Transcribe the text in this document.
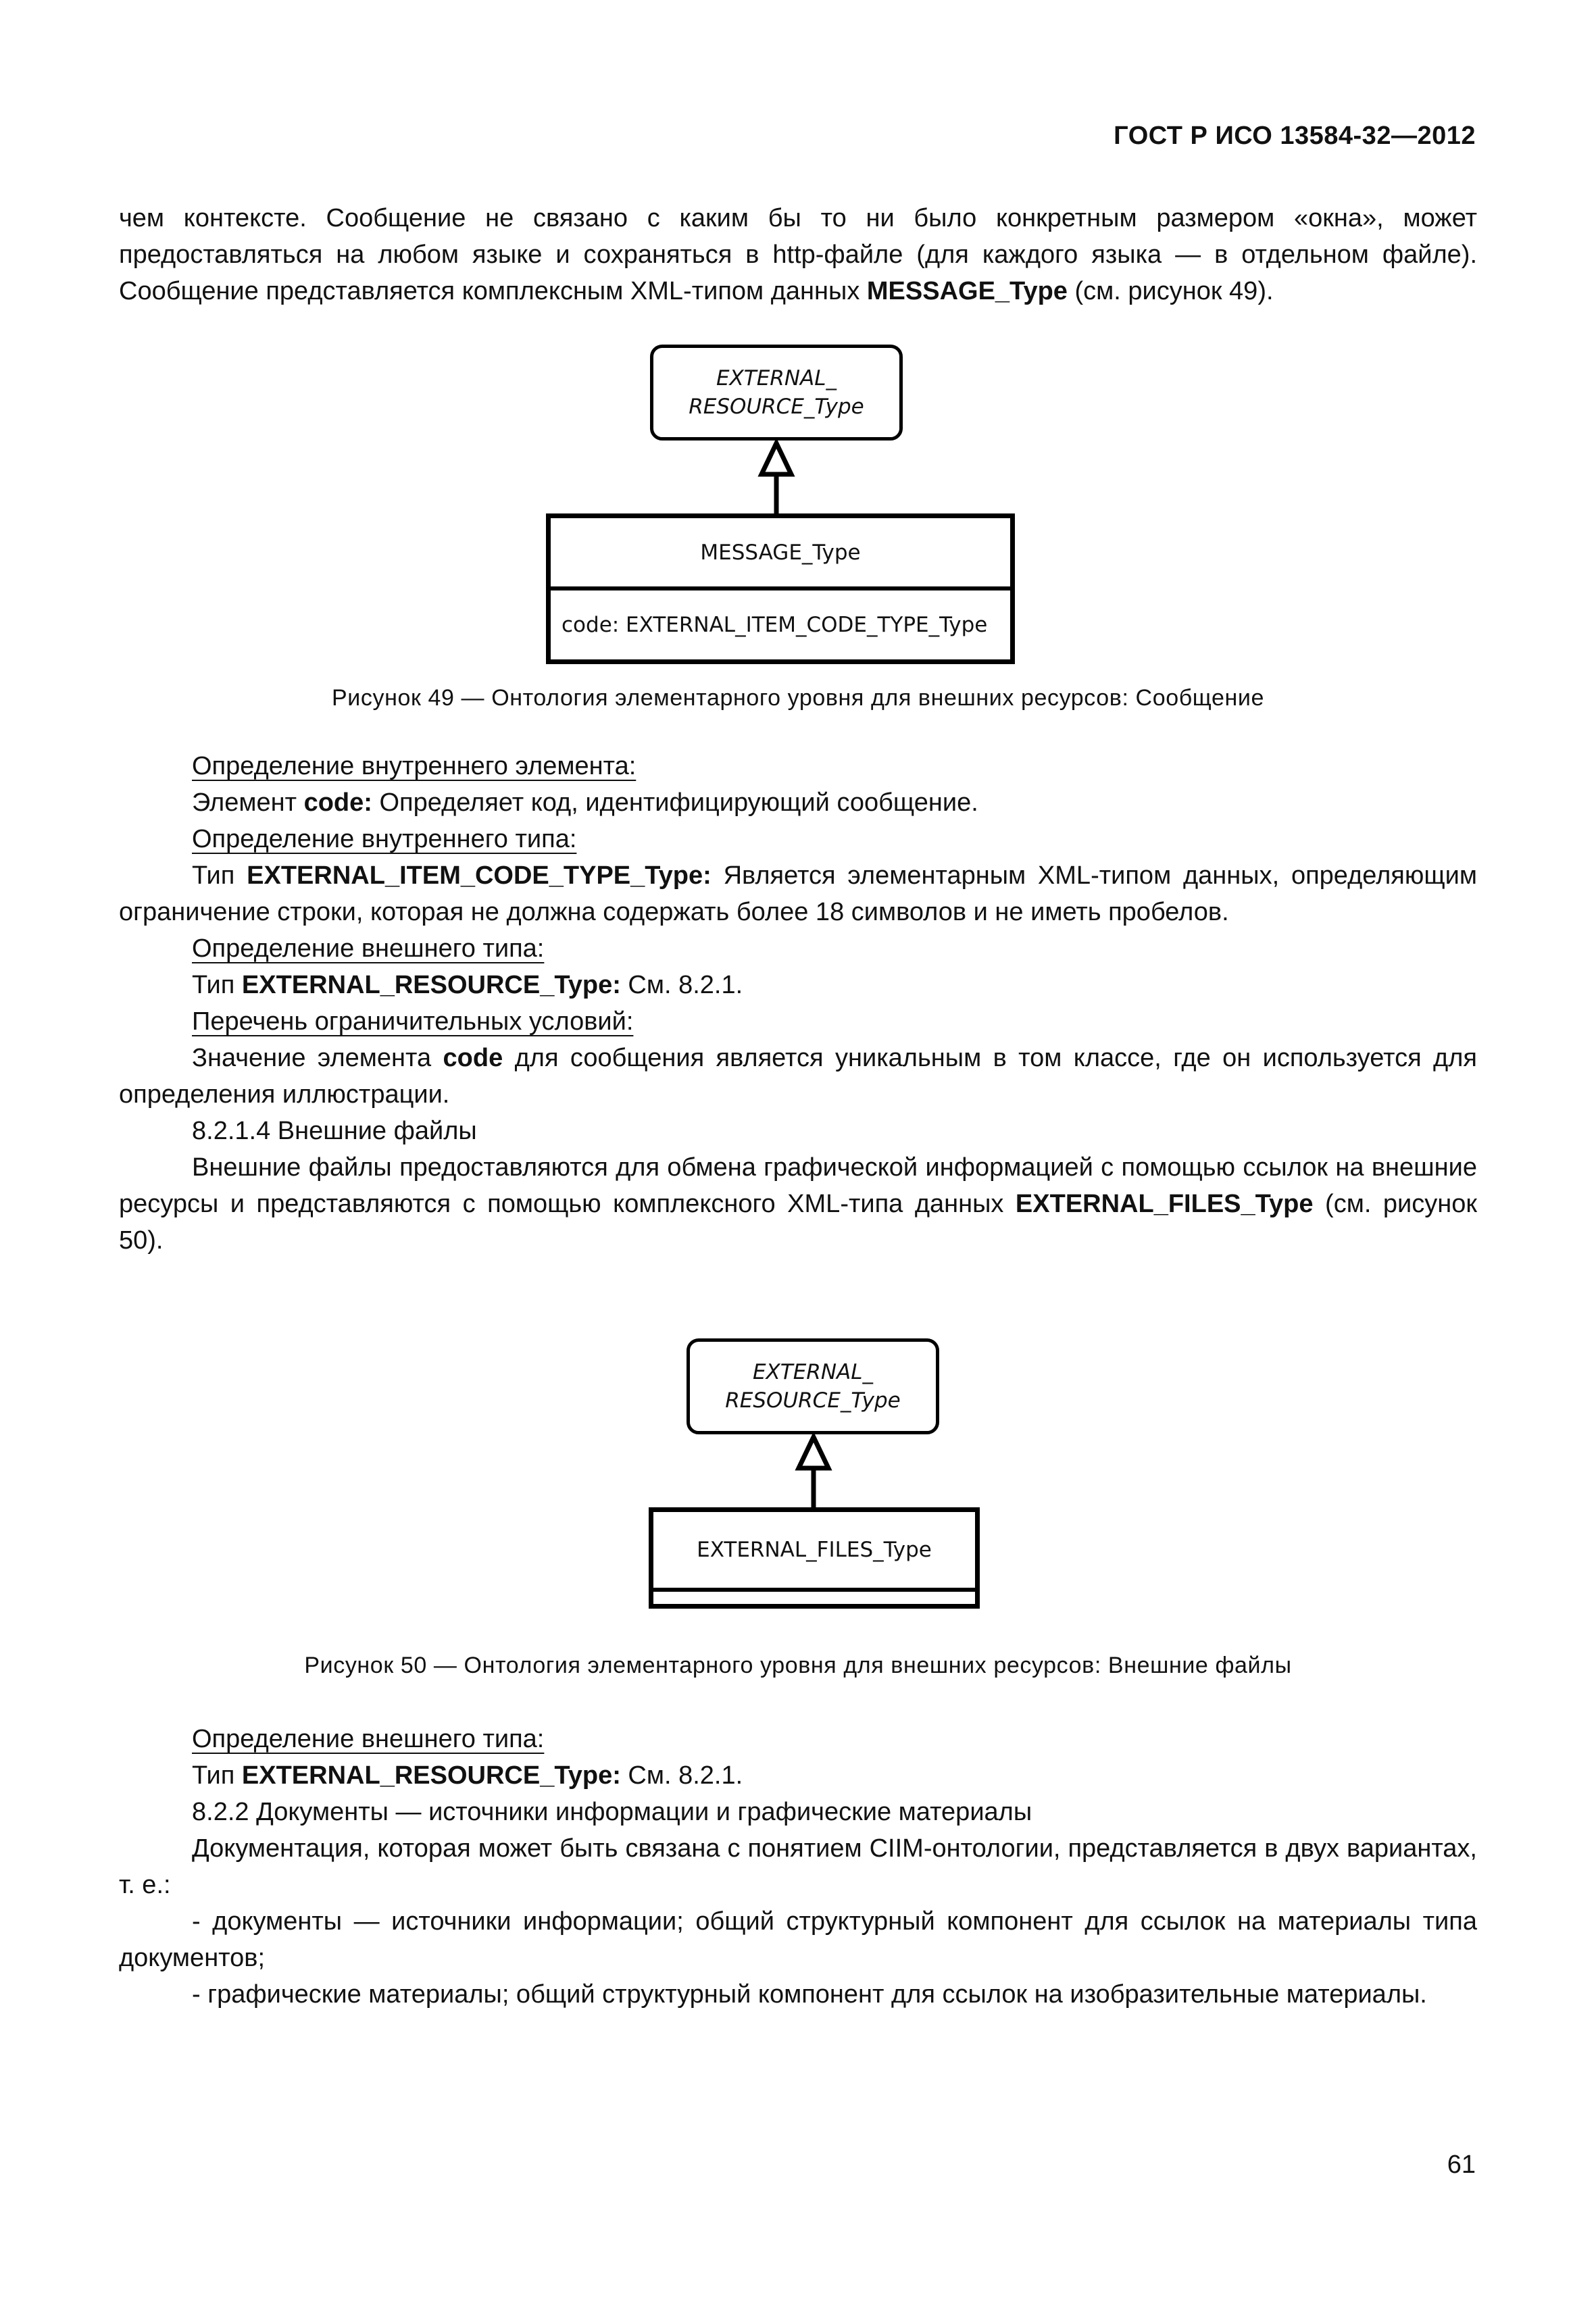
ГОСТ Р ИСО 13584-32—2012

чем контексте. Сообщение не связано с каким бы то ни было конкретным размером «окна», может предоставляться на любом языке и сохраняться в http-файле (для каждого языка — в отдельном файле). Сообщение представляется комплексным XML-типом данных MESSAGE_Type (см. рисунок 49).

EXTERNAL_
RESOURCE_Type
MESSAGE_Type
code: EXTERNAL_ITEM_CODE_TYPE_Type
Рисунок 49 — Онтология элементарного уровня для внешних ресурсов: Сообщение

Определение внутреннего элемента:

Элемент code: Определяет код, идентифицирующий сообщение.

Определение внутреннего типа:

Тип EXTERNAL_ITEM_CODE_TYPE_Type: Является элементарным XML-типом данных, определяющим ограничение строки, которая не должна содержать более 18 символов и не иметь пробелов.

Определение внешнего типа:

Тип EXTERNAL_RESOURCE_Type: См. 8.2.1.

Перечень ограничительных условий:

Значение элемента code для сообщения является уникальным в том классе, где он используется для определения иллюстрации.

8.2.1.4 Внешние файлы

Внешние файлы предоставляются для обмена графической информацией с помощью ссылок на внешние ресурсы и представляются с помощью комплексного XML-типа данных EXTERNAL_FILES_Type (см. рисунок 50).

EXTERNAL_
RESOURCE_Type
EXTERNAL_FILES_Type
Рисунок 50 — Онтология элементарного уровня для внешних ресурсов: Внешние файлы

Определение внешнего типа:

Тип EXTERNAL_RESOURCE_Type: См. 8.2.1.

8.2.2 Документы — источники информации и графические материалы

Документация, которая может быть связана с понятием CIIM-онтологии, представляется в двух вариантах, т. е.:

- документы — источники информации; общий структурный компонент для ссылок на материалы типа документов;

- графические материалы; общий структурный компонент для ссылок на изобразительные материалы.

61
